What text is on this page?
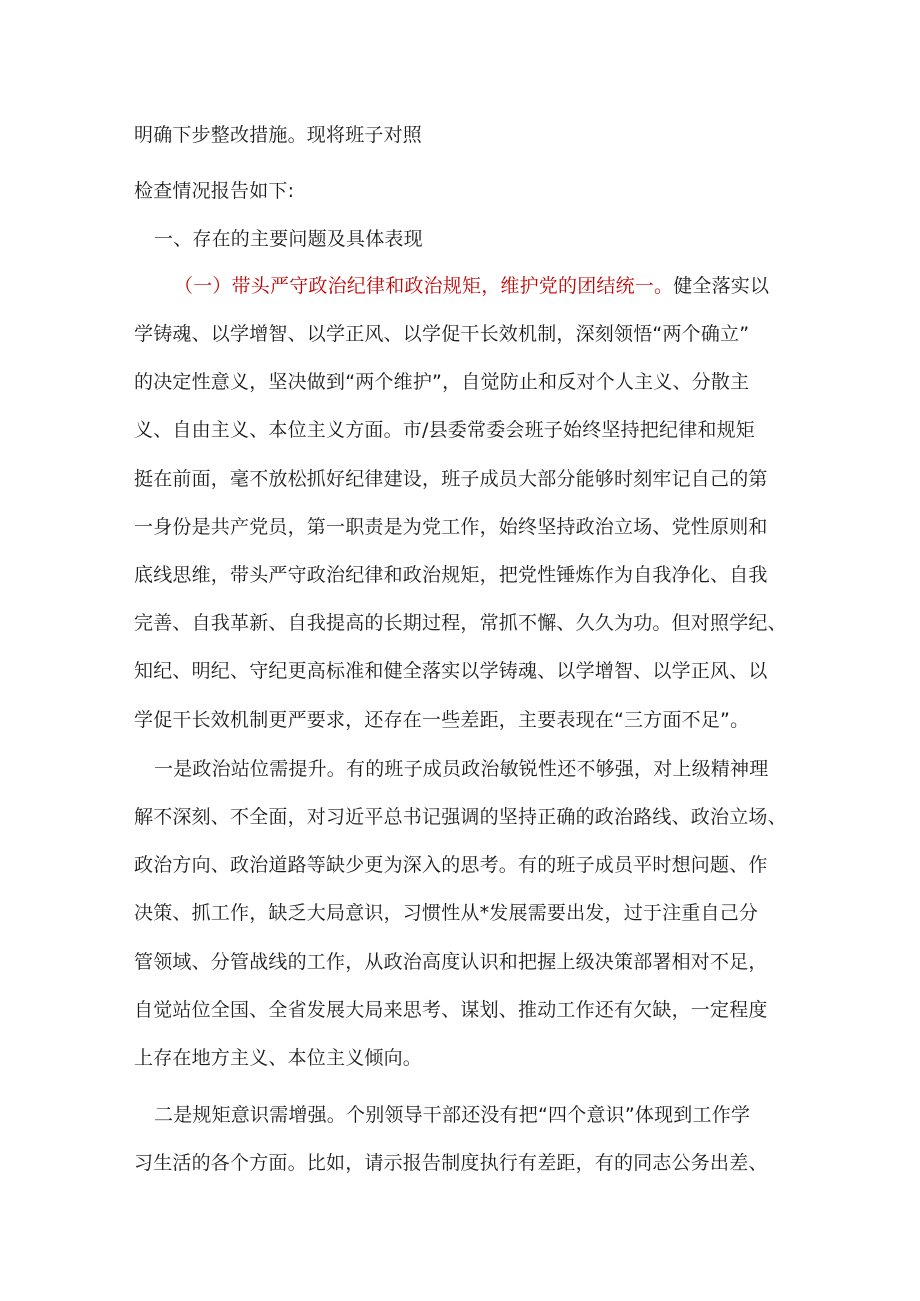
明确下步整改措施。现将班子对照
检查情况报告如下:
一、存在的主要问题及具体表现
（一）带头严守政治纪律和政治规矩，维护党的团结统一。健全落实以
学铸魂、以学增智、以学正风、以学促干长效机制，深刻领悟“两个确立”
的决定性意义，坚决做到“两个维护”，自觉防止和反对个人主义、分散主
义、自由主义、本位主义方面。市/县委常委会班子始终坚持把纪律和规矩
挺在前面，毫不放松抓好纪律建设，班子成员大部分能够时刻牢记自己的第
一身份是共产党员，第一职责是为党工作，始终坚持政治立场、党性原则和
底线思维，带头严守政治纪律和政治规矩，把党性锤炼作为自我净化、自我
完善、自我革新、自我提高的长期过程，常抓不懈、久久为功。但对照学纪、
知纪、明纪、守纪更高标准和健全落实以学铸魂、以学增智、以学正风、以
学促干长效机制更严要求，还存在一些差距，主要表现在“三方面不足”。
一是政治站位需提升。有的班子成员政治敏锐性还不够强，对上级精神理
解不深刻、不全面，对习近平总书记强调的坚持正确的政治路线、政治立场、
政治方向、政治道路等缺少更为深入的思考。有的班子成员平时想问题、作
决策、抓工作，缺乏大局意识，习惯性从*发展需要出发，过于注重自己分
管领域、分管战线的工作，从政治高度认识和把握上级决策部署相对不足，
自觉站位全国、全省发展大局来思考、谋划、推动工作还有欠缺，一定程度
上存在地方主义、本位主义倾向。
二是规矩意识需增强。个别领导干部还没有把“四个意识”体现到工作学
习生活的各个方面。比如，请示报告制度执行有差距，有的同志公务出差、
